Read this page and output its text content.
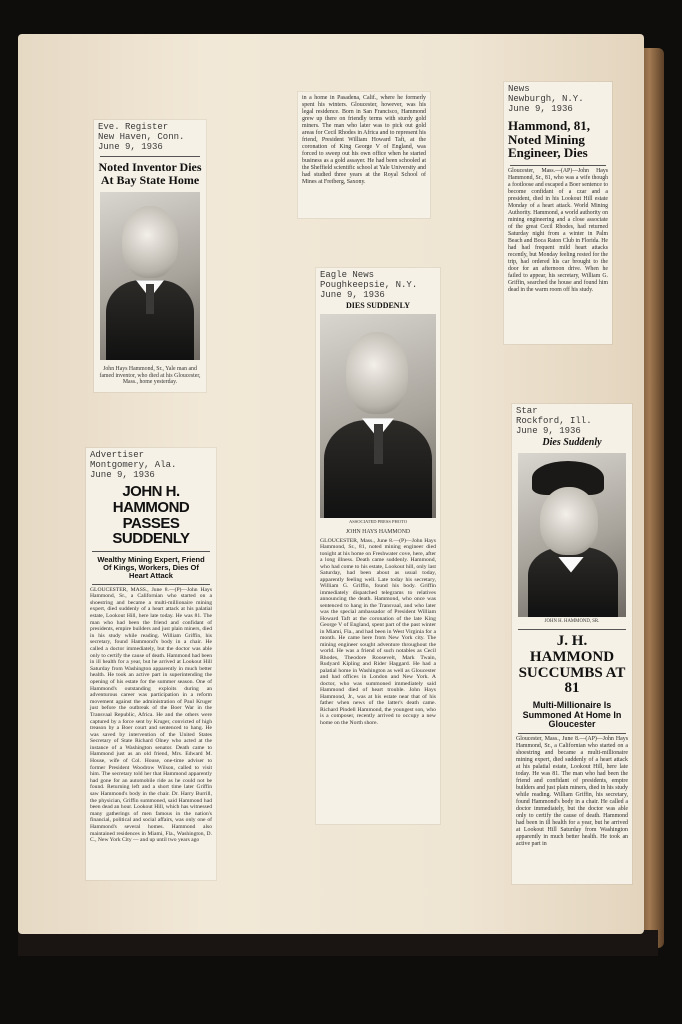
Eve. Register
New Haven, Conn.
June 9, 1936
Noted Inventor Dies At Bay State Home
John Hays Hammond, Sr., Yale man and famed inventor, who died at his Gloucester, Mass., home yesterday.
Advertiser
Montgomery, Ala.
June 9, 1936
JOHN H. HAMMOND PASSES SUDDENLY
Wealthy Mining Expert, Friend Of Kings, Workers, Dies Of Heart Attack
GLOUCESTER, MASS., June 8.—(P)—John Hays Hammond, Sr., a Californian who started on a shoestring and became a multi-millionaire mining expert, died suddenly of a heart attack at his palatial estate, Lookout Hill, here late today. He was 81. The man who had been the friend and confidant of presidents, empire builders and just plain miners, died in his study while reading. William Griffin, his secretary, found Hammond's body in a chair. He called a doctor immediately, but the doctor was able only to certify the cause of death. Hammond had been in ill health for a year, but he arrived at Lookout Hill Saturday from Washington apparently in much better health. He took an active part in superintending the opening of his estate for the summer season. One of Hammond's outstanding exploits during an adventurous career was participation in a reform movement against the administration of Paul Kruger just before the outbreak of the Boer War in the Transvaal Republic, Africa. He and the others were captured by a force sent by Kruger, convicted of high treason by a Boer court and sentenced to hang. He was saved by intervention of the United States Secretary of State Richard Olney who acted at the instance of a Washington senator. Death came to Hammond just as an old friend, Mrs. Edward M. House, wife of Col. House, one-time adviser to former President Woodrow Wilson, called to visit him. The secretary told her that Hammond apparently had gone for an automobile ride as he could not be found. Returning left and a short time later Griffin saw Hammond's body in the chair. Dr. Harry Burrill, the physician, Griffin summoned, said Hammond had been dead an hour. Lookout Hill, which has witnessed many gatherings of men famous in the nation's financial, political and social affairs, was only one of Hammond's several homes. Hammond also maintained residences in Miami, Fla., Washington, D. C., New York City — and up until two years ago
in a home in Pasadena, Calif., where he formerly spent his winters. Gloucester, however, was his legal residence. Born in San Francisco, Hammond grew up there on friendly terms with sturdy gold miners. The man who later was to pick out gold areas for Cecil Rhodes in Africa and to represent his friend, President William Howard Taft, at the coronation of King George V of England, was forced to sweep out his own office when he started business as a gold assayer. He had been schooled at the Sheffield scientific school at Yale University and had studied three years at the Royal School of Mines at Freiberg, Saxony.
Eagle News
Poughkeepsie, N.Y.
June 9, 1936
DIES SUDDENLY
ASSOCIATED PRESS PHOTO
JOHN HAYS HAMMOND
GLOUCESTER, Mass., June 8.—(P)—John Hays Hammond, Sr., 81, noted mining engineer died tonight at his home on Freshwater cove, here, after a long illness. Death came suddenly. Hammond, who had come to his estate, Lookout hill, only last Saturday, had been about as usual today, apparently feeling well. Late today his secretary, William G. Griffin, found his body. Griffin immediately dispatched telegrams to relatives announcing the death. Hammond, who once was sentenced to hang in the Transvaal, and who later was the special ambassador of President William Howard Taft at the coronation of the late King George V of England, spent part of the past winter in Miami, Fla., and had been in West Virginia for a month. He came here from New York city. The mining engineer sought adventure throughout the world. He was a friend of such notables as Cecil Rhodes, Theodore Roosevelt, Mark Twain, Rudyard Kipling and Rider Haggard. He had a palatial home in Washington as well as Gloucester and had offices in London and New York. A doctor, who was summoned immediately said Hammond died of heart trouble. John Hays Hammond, Jr., was at his estate near that of his father when news of the latter's death came. Richard Pindell Hammond, the youngest son, who is a composer, recently arrived to occupy a new home on the North shore.
News
Newburgh, N.Y.
June 9, 1936
Hammond, 81, Noted Mining Engineer, Dies
Gloucester, Mass.—(AP)—John Hays Hammond, Sr., 81, who was a wife though a footloose and escaped a Boer sentence to become confidant of a czar and a president, died in his Lookout Hill estate Monday of a heart attack. World Mining Authority. Hammond, a world authority on mining engineering and a close associate of the great Cecil Rhodes, had returned Saturday night from a winter in Palm Beach and Boca Raton Club in Florida. He had had frequent mild heart attacks recently, but Monday feeling rested for the trip, had ordered his car brought to the door for an afternoon drive. When he failed to appear, his secretary, William G. Griffin, searched the house and found him dead in the warm room off his study.
Star
Rockford, Ill.
June 9, 1936
Dies Suddenly
JOHN H. HAMMOND, SR.
J. H. HAMMOND SUCCUMBS AT 81
Multi-Millionaire Is Summoned At Home In Gloucester
Gloucester, Mass., June 8.—(AP)—John Hays Hammond, Sr., a Californian who started on a shoestring and became a multi-millionaire mining expert, died suddenly of a heart attack at his palatial estate, Lookout Hill, here late today. He was 81. The man who had been the friend and confidant of presidents, empire builders and just plain miners, died in his study while reading. William Griffin, his secretary, found Hammond's body in a chair. He called a doctor immediately, but the doctor was able only to certify the cause of death. Hammond had been in ill health for a year, but he arrived at Lookout Hill Saturday from Washington apparently in much better health. He took an active part in
